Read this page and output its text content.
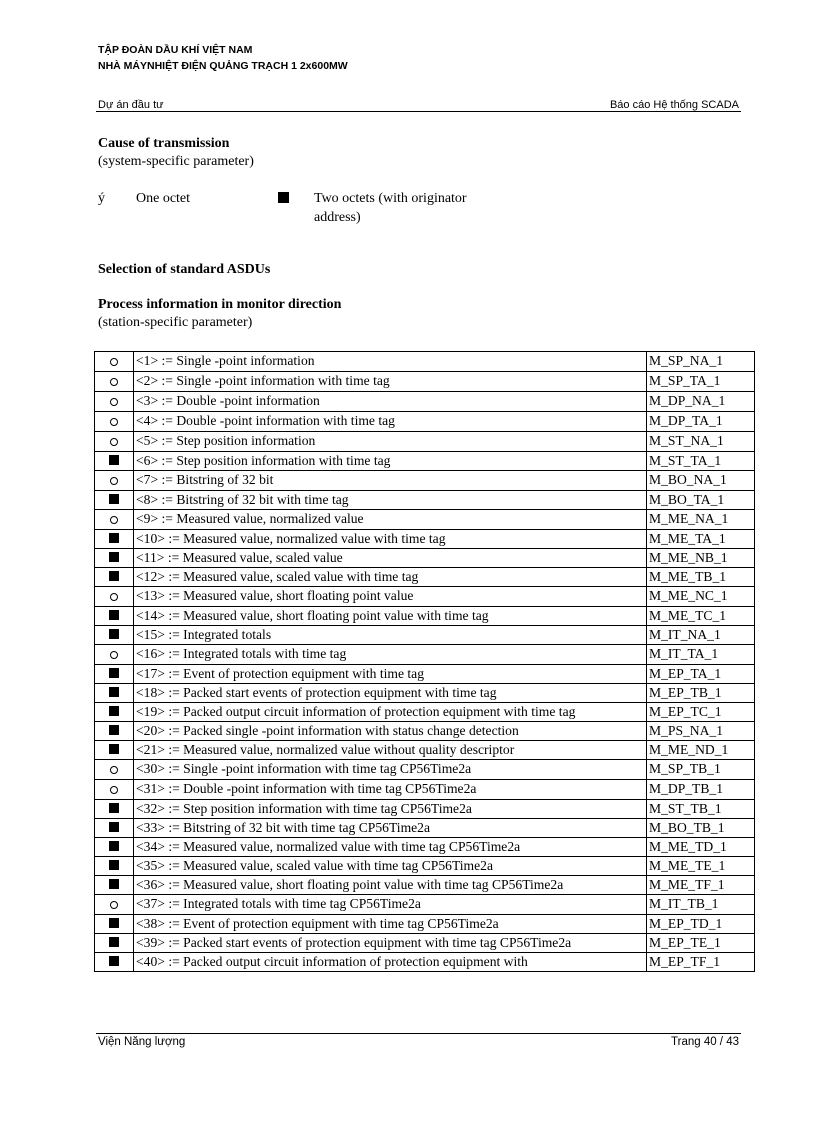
TẬP ĐOÀN DẦU KHÍ VIỆT NAM
NHÀ MÁYNHIỆT ĐIỆN QUẢNG TRẠCH 1 2x600MW
Dự án đầu tư	Báo cáo Hệ thống SCADA
Cause of transmission
(system-specific parameter)
ý One octet	Two octets (with originator
address)
Selection of standard ASDUs
Process information in monitor direction
(station-specific parameter)
	<1> := Single -point information	M_SP_NA_1
	<2> := Single -point information with time tag	M_SP_TA_1
	<3> := Double -point information	M_DP_NA_1
	<4> := Double -point information with time tag	M_DP_TA_1
	<5> := Step position information	M_ST_NA_1
	<6> := Step position information with time tag	M_ST_TA_1
	<7> := Bitstring of 32 bit	M_BO_NA_1
	<8> := Bitstring of 32 bit with time tag	M_BO_TA_1
	<9> := Measured value, normalized value	M_ME_NA_1
	<10> := Measured value, normalized value with time tag	M_ME_TA_1
	<11> := Measured value, scaled value	M_ME_NB_1
	<12> := Measured value, scaled value with time tag	M_ME_TB_1
	<13> := Measured value, short floating point value	M_ME_NC_1
	<14> := Measured value, short floating point value with time tag	M_ME_TC_1
	<15> := Integrated totals	M_IT_NA_1
	<16> := Integrated totals with time tag	M_IT_TA_1
	<17> := Event of protection equipment with time tag	M_EP_TA_1
	<18> := Packed start events of protection equipment with time tag	M_EP_TB_1
	<19> := Packed output circuit information of protection equipment with time tag	M_EP_TC_1
	<20> := Packed single -point information with status change detection	M_PS_NA_1
	<21> := Measured value, normalized value without quality descriptor	M_ME_ND_1
	<30> := Single -point information with time tag CP56Time2a	M_SP_TB_1
	<31> := Double -point information with time tag CP56Time2a	M_DP_TB_1
	<32> := Step position information with time tag CP56Time2a	M_ST_TB_1
	<33> := Bitstring of 32 bit with time tag CP56Time2a	M_BO_TB_1
	<34> := Measured value, normalized value with time tag CP56Time2a	M_ME_TD_1
	<35> := Measured value, scaled value with time tag CP56Time2a	M_ME_TE_1
	<36> := Measured value, short floating point value with time tag CP56Time2a	M_ME_TF_1
	<37> := Integrated totals with time tag CP56Time2a	M_IT_TB_1
	<38> := Event of protection equipment with time tag CP56Time2a	M_EP_TD_1
	<39> := Packed start events of protection equipment with time tag CP56Time2a	M_EP_TE_1
	<40> := Packed output circuit information of protection equipment with	M_EP_TF_1
Viện Năng lượng	Trang 40 / 43
